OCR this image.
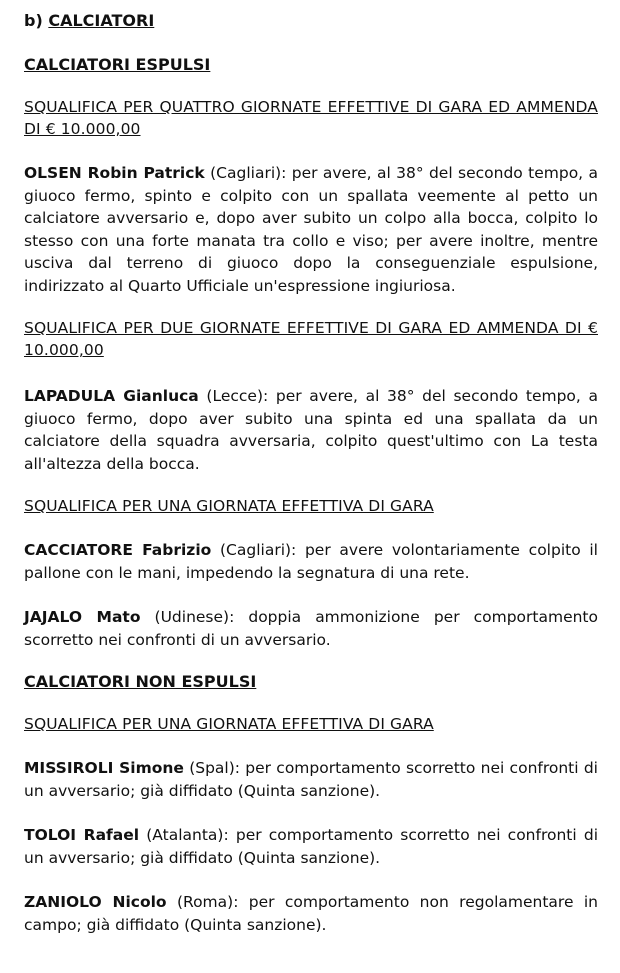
b) CALCIATORI
CALCIATORI ESPULSI
SQUALIFICA PER QUATTRO GIORNATE EFFETTIVE DI GARA ED AMMENDA DI € 10.000,00
OLSEN Robin Patrick (Cagliari): per avere, al 38° del secondo tempo, a giuoco fermo, spinto e colpito con un spallata veemente al petto un calciatore avversario e, dopo aver subito un colpo alla bocca, colpito lo stesso con una forte manata tra collo e viso; per avere inoltre, mentre usciva dal terreno di giuoco dopo la conseguenziale espulsione, indirizzato al Quarto Ufficiale un'espressione ingiuriosa.
SQUALIFICA PER DUE GIORNATE EFFETTIVE DI GARA ED AMMENDA DI € 10.000,00
LAPADULA Gianluca (Lecce): per avere, al 38° del secondo tempo, a giuoco fermo, dopo aver subito una spinta ed una spallata da un calciatore della squadra avversaria, colpito quest'ultimo con La testa all'altezza della bocca.
SQUALIFICA PER UNA GIORNATA EFFETTIVA DI GARA
CACCIATORE Fabrizio (Cagliari): per avere volontariamente colpito il pallone con le mani, impedendo la segnatura di una rete.
JAJALO Mato (Udinese): doppia ammonizione per comportamento scorretto nei confronti di un avversario.
CALCIATORI NON ESPULSI
SQUALIFICA PER UNA GIORNATA EFFETTIVA DI GARA
MISSIROLI Simone (Spal): per comportamento scorretto nei confronti di un avversario; già diffidato (Quinta sanzione).
TOLOI Rafael (Atalanta): per comportamento scorretto nei confronti di un avversario; già diffidato (Quinta sanzione).
ZANIOLO Nicolo (Roma): per comportamento non regolamentare in campo; già diffidato (Quinta sanzione).
